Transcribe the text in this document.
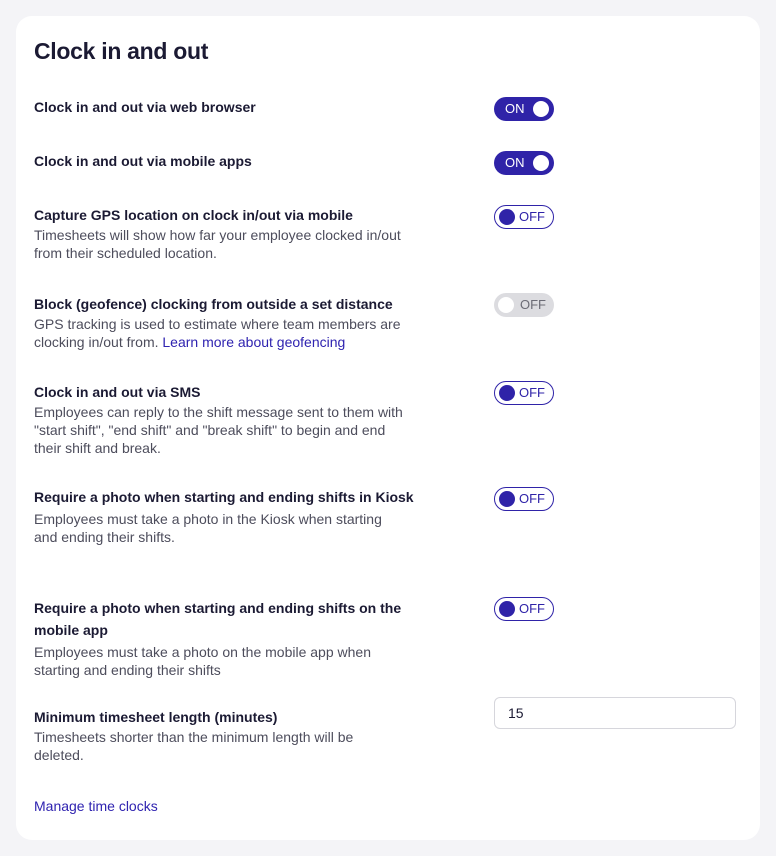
Clock in and out
Clock in and out via web browser	ON
Clock in and out via mobile apps	ON
Capture GPS location on clock in/out via mobile
Timesheets will show how far your employee clocked in/out from their scheduled location.
OFF
Block (geofence) clocking from outside a set distance
GPS tracking is used to estimate where team members are clocking in/out from. Learn more about geofencing
OFF
Clock in and out via SMS
Employees can reply to the shift message sent to them with "start shift", "end shift" and "break shift" to begin and end their shift and break.
OFF
Require a photo when starting and ending shifts in Kiosk
Employees must take a photo in the Kiosk when starting and ending their shifts.
OFF
Require a photo when starting and ending shifts on the mobile app
Employees must take a photo on the mobile app when starting and ending their shifts
OFF
Minimum timesheet length (minutes)
Timesheets shorter than the minimum length will be deleted.
15
Manage time clocks
